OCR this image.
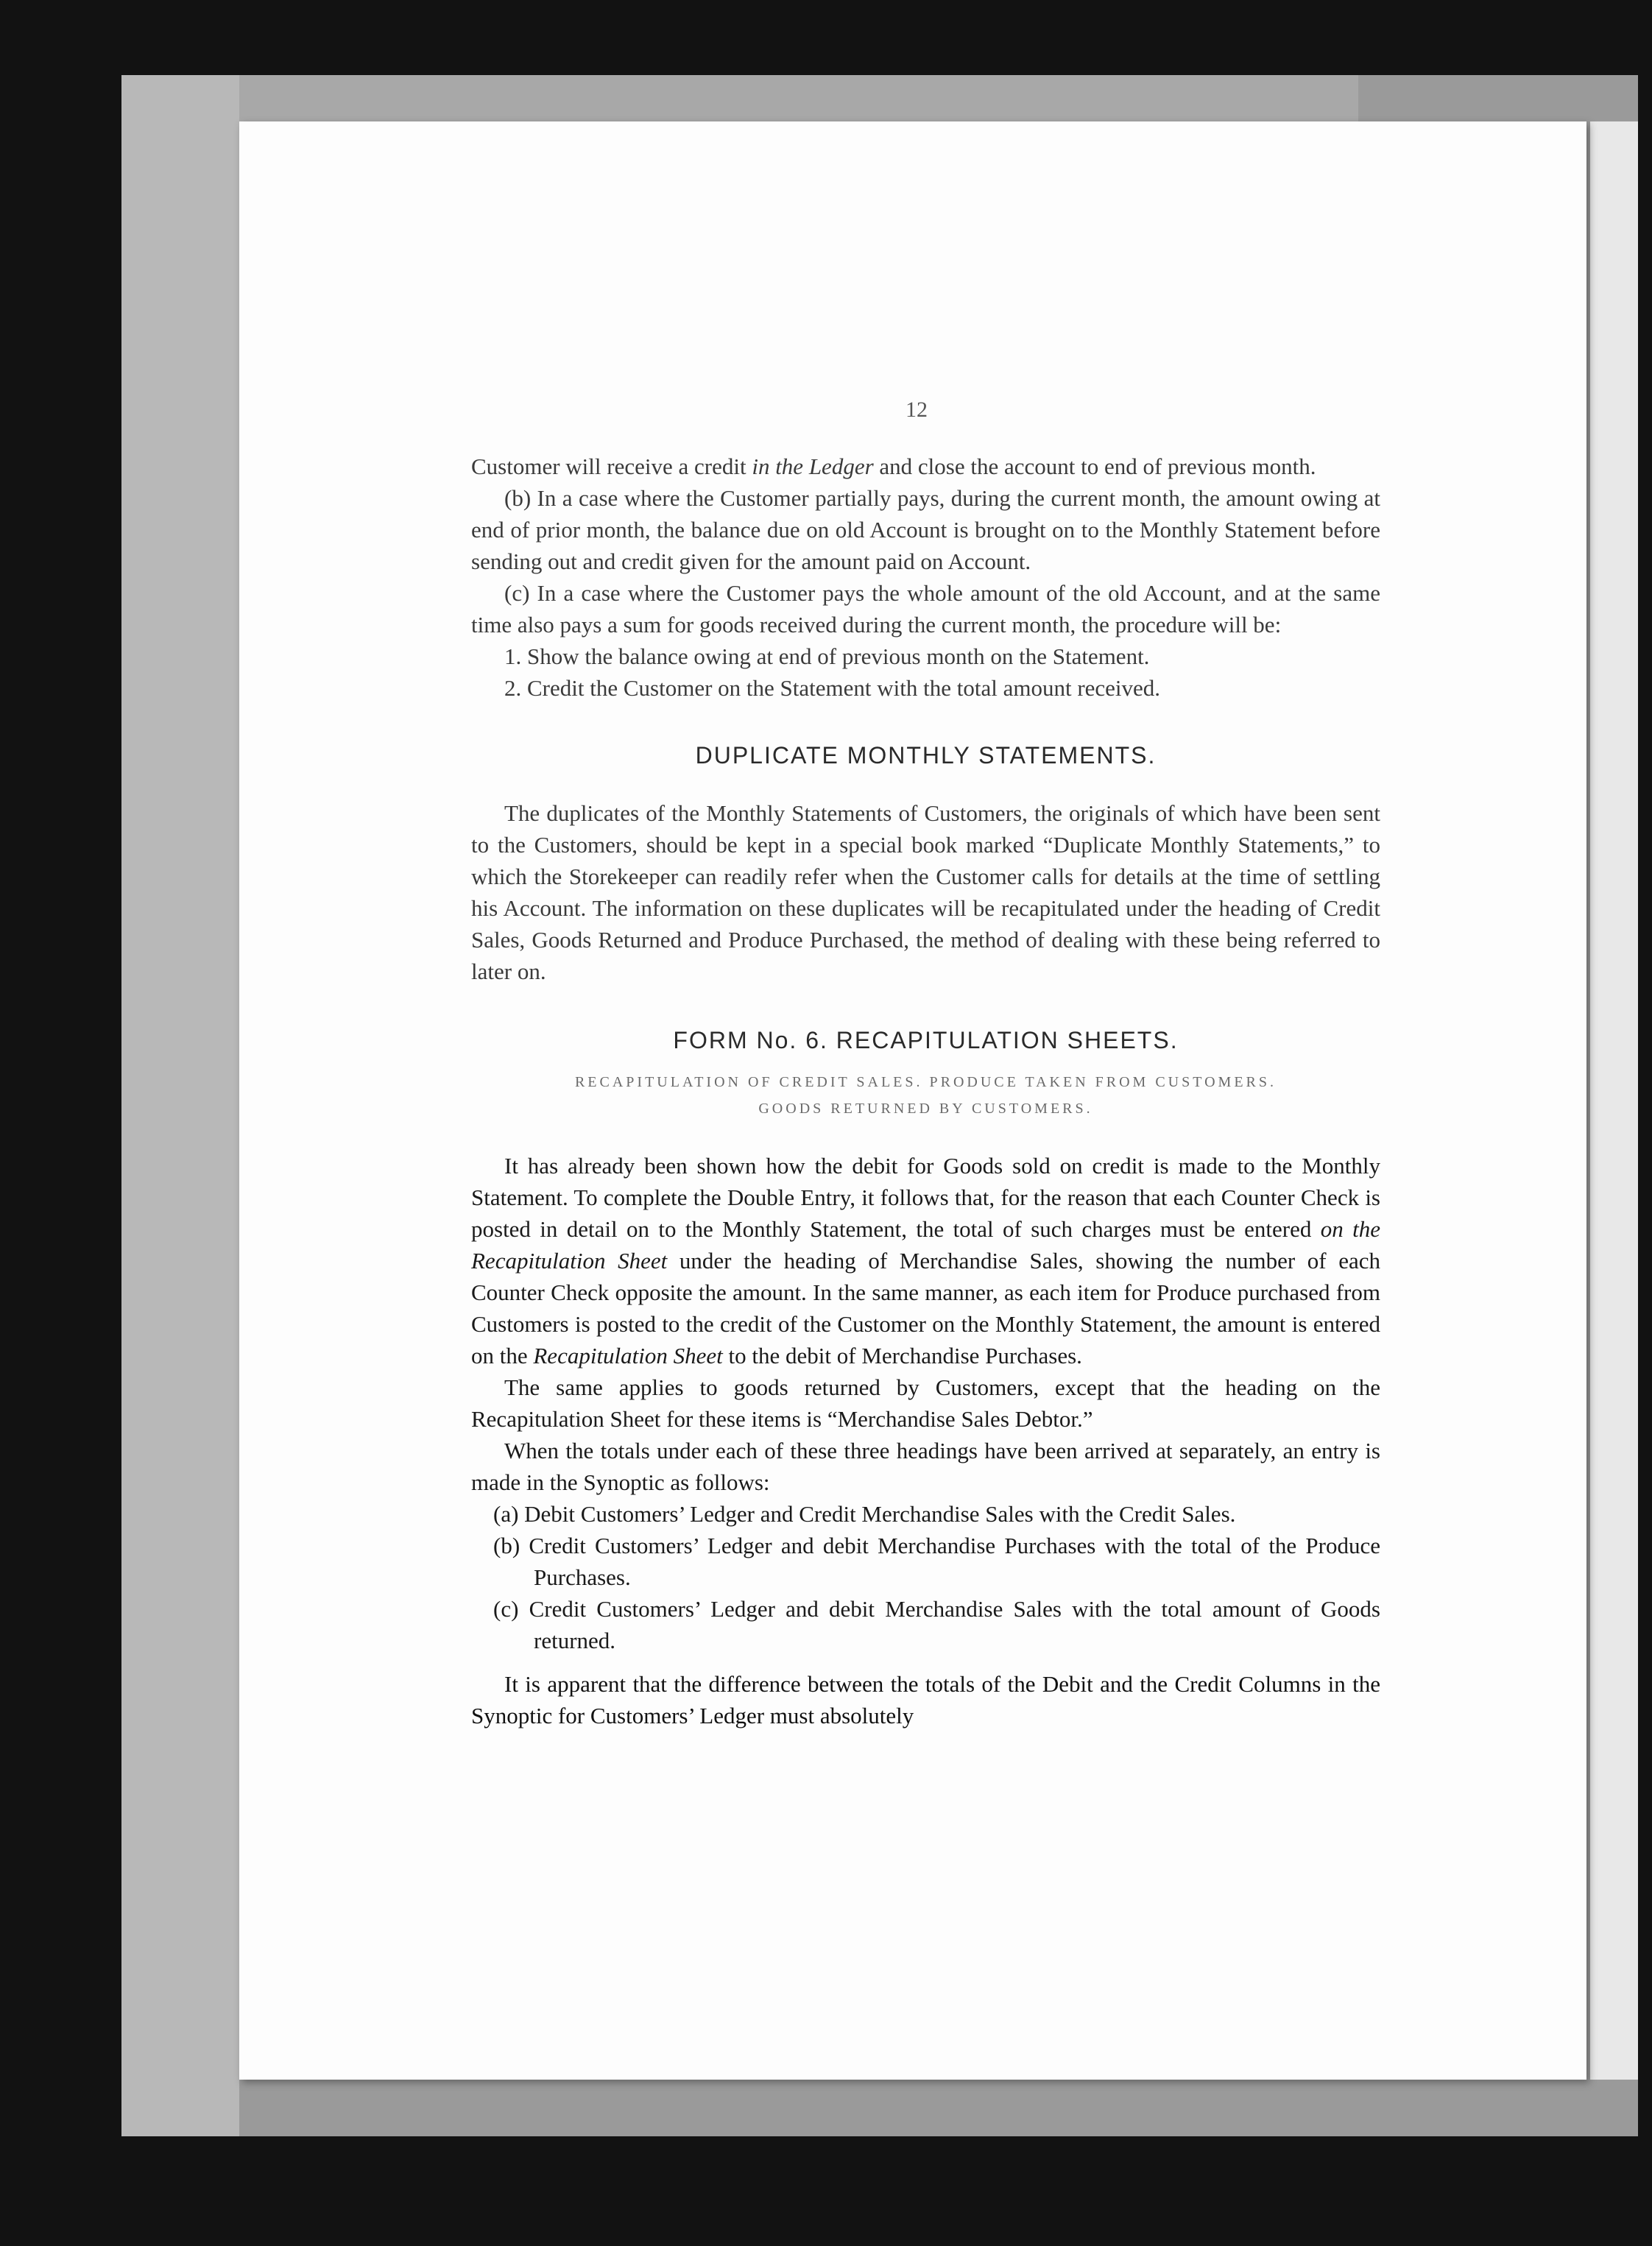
12

Customer will receive a credit in the Ledger and close the account to end of previous month.

(b) In a case where the Customer partially pays, during the current month, the amount owing at end of prior month, the balance due on old Account is brought on to the Monthly Statement before sending out and credit given for the amount paid on Account.

(c) In a case where the Customer pays the whole amount of the old Account, and at the same time also pays a sum for goods received during the current month, the procedure will be:

1. Show the balance owing at end of previous month on the Statement.

2. Credit the Customer on the Statement with the total amount received.

DUPLICATE MONTHLY STATEMENTS.

The duplicates of the Monthly Statements of Customers, the originals of which have been sent to the Customers, should be kept in a special book marked “Duplicate Monthly Statements,” to which the Storekeeper can readily refer when the Customer calls for details at the time of settling his Account. The information on these duplicates will be recapitulated under the heading of Credit Sales, Goods Returned and Produce Purchased, the method of dealing with these being referred to later on.

FORM No. 6. RECAPITULATION SHEETS.
RECAPITULATION OF CREDIT SALES. PRODUCE TAKEN FROM CUSTOMERS.
GOODS RETURNED BY CUSTOMERS.

It has already been shown how the debit for Goods sold on credit is made to the Monthly Statement. To complete the Double Entry, it follows that, for the reason that each Counter Check is posted in detail on to the Monthly Statement, the total of such charges must be entered on the Recapitulation Sheet under the heading of Merchandise Sales, showing the number of each Counter Check opposite the amount. In the same manner, as each item for Produce purchased from Customers is posted to the credit of the Customer on the Monthly Statement, the amount is entered on the Recapitulation Sheet to the debit of Merchandise Purchases.

The same applies to goods returned by Customers, except that the heading on the Recapitulation Sheet for these items is “Merchandise Sales Debtor.”

When the totals under each of these three headings have been arrived at separately, an entry is made in the Synoptic as follows:

(a) Debit Customers’ Ledger and Credit Merchandise Sales with the Credit Sales.

(b) Credit Customers’ Ledger and debit Merchandise Purchases with the total of the Produce Purchases.

(c) Credit Customers’ Ledger and debit Merchandise Sales with the total amount of Goods returned.

It is apparent that the difference between the totals of the Debit and the Credit Columns in the Synoptic for Customers’ Ledger must absolutely
